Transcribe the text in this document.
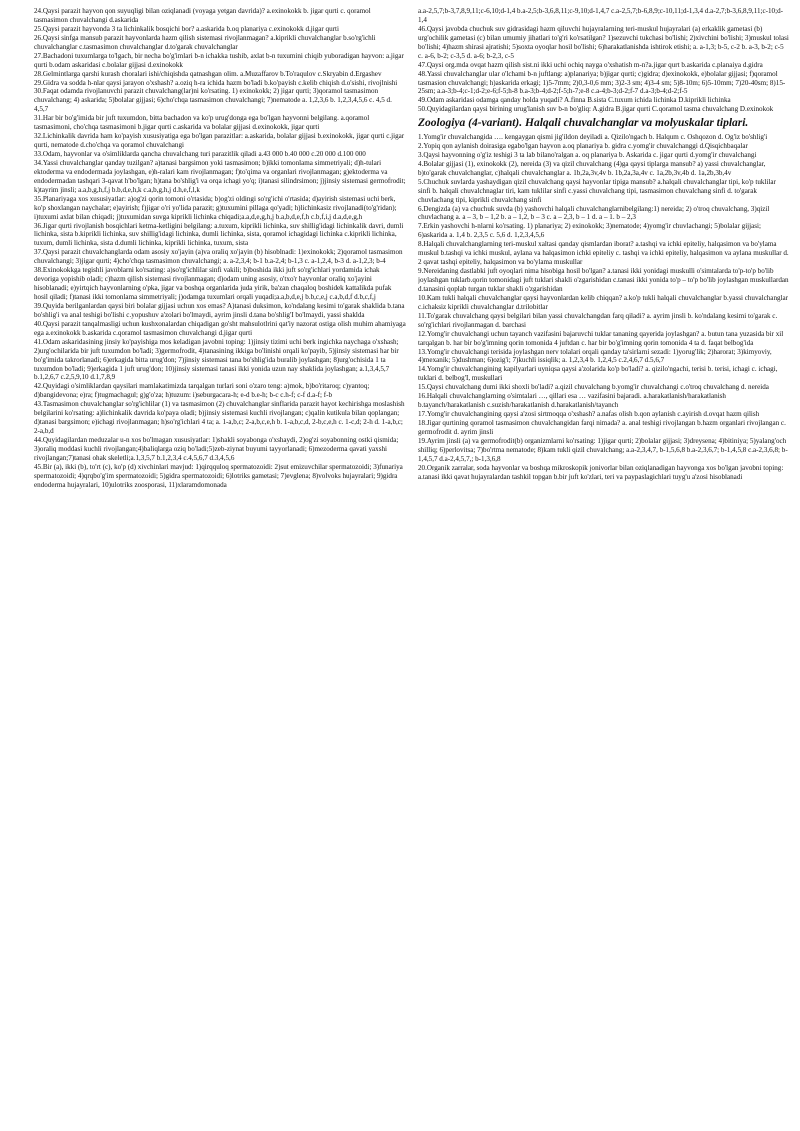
24.Qaysi parazit hayvon qon suyuqligi bilan oziqlanadi (voyaga yetgan davrida)? a.exinokokk b. jigar qurti c. qoramol tasmasimon chuvalchangi d.askarida

25.Qaysi parazit hayvonda 3 ta lichinkalik bosqichi bor? a.askarida b.oq planariya c.exinokokk d.jigar qurti

26.Qaysi sinfga mansub parazit hayvonlarda hazm qilish sistemasi rivojlanmagan? a.kiprikli chuvalchanglar b.so'rg'ichli chuvalchanglar c.tasmasimon chuvalchanglar d.to'garak chuvalchanglar

27.Bachadoni tuxumlarga to'lgach, bir necha bo'g'imlari b-n ichakka tushib, axlat b-n tuxumini chiqib yuboradigan hayvon: a.jigar qurti b.odam askaridasi c.bolalar gijjasi d.exinokokk

28.Gelmintlarga qarshi kurash choralari ishi/chiqishda qatnashgan olim. a.Muzaffarov b.To'raqulov c.Skryabin d.Ergashev

29.Gidra va sodda h-nlar qaysi jarayon o'xshash? a.oziq h-ra ichida hazm bo'ladi b.ko'payish c.kelib chiqish d.o'sishi, rivojlnishi

30.Faqat odamda rivojlanuvchi parazit chuvalchang(lar)ni ko'rsating. 1) exinokokk; 2) jigar qurti; 3)qoramol tasmasimon chuvalchang; 4) askarida; 5)bolalar gijjasi; 6)cho'chqa tasmasimon chuvalchangi; 7)nematode a. 1,2,3,6 b. 1,2,3,4,5,6 c. 4,5 d. 4,5,7

31.Har bir bo'g'imida bir juft tuxumdon, bitta bachadon va ko'p urug'donga ega bo'lgan hayvonni belgilang. a.qoramol tasmasimoni, cho'chqa tasmasimoni b.jigar qurti c.askarida va bolalar gijjasi d.exinokokk, jigar qurti

32.Lichinkalik davrida ham ko'payish xususiyatiga ega bo'lgan parazitlar: a.askarida, bolalar gijjasi b.exinokokk, jigar qurti c.jigar qurti, nematode d.cho'chqa va qoramol chuvalchangi

33.Odam, hayvonlar va o'simliklarda qancha chuvalchang turi parazitlik qiladi a.43 000 b.40 000 c.20 000 d.100 000

34.Yassi chuvalchanglar qanday tuzilgan? a)tanasi bargsimon yoki tasmasimon; b)ikki tomonlama simmetriyali; d)h-tulari ektoderma va endodermada joylashgan, e)h-ralari kam rivojlanmagan; f)to'qima va organlari rivojlanmagan; g)ektoderma va endodermadan tashqari 3-qavat h'bo'lgan; h)tana bo'shlig'i va orqa ichagi yo'q; i)tanasi silindrsimon; j)jinsiy sistemasi germofrodit; k)tayrim jinsli; a.a,b,g,h,f,j b.b,d,e,h,k c.a,b,g,h,j d.h,e,f,l,k

35.Planariyaga xos xususiyatlar: a)og'zi qorin tomoni o'rtasida; b)og'zi oldingi so'rg'ichi o'rtasida; d)ayirish sistemasi uchi berk, ko'p shoxlangan naychalar; e)ayirish; f)jigar o'ri yo'lida parazit; g)tuxumini pillaga qo'yadi; h)lichinkasiz rivojlanadi(to'g'ridan); i)tuxumi axlat bilan chiqadi; j)tuxumidan suvga kiprikli lichinka chiqadi;a.a,d,e,g,h,j b.a,b,d,e,f,h c.b,f,i,j d.a,d,e,g,h

36.Jigar qurti rivojlanish bosqichlari ketma-ketligini belgilang: a.tuxum, kiprikli lichinka, suv shillig'idagi lichinkalik davri, dumli lichinka, sista b.kiprikli lichinka, suv shillig'idagi lichinka, dumli lichinka, sista, qoramol ichagidagi lichinka c.kiprikli lichinka, tuxum, dumli lichinka, sista d.dumli lichinka, kiprikli lichinka, tuxum, sista

37.Qaysi parazit chuvalchanglarda odam asosiy xo'jayin (a)va oraliq xo'jayin (b) hisoblnadi: 1)exinokokk; 2)qoramol tasmasimon chuvalchangi; 3)jigar qurti; 4)cho'chqa tasmasimon chuvalchangi; a. a-2,3,4; b-1 b.a-2,4; b-1,3 c. a-1,2,4, b-3 d. a-1,2,3; b-4

38.Exinokokkga tegishli javoblarni ko'rsating: a)so'rg'ichlilar sinfi vakili; b)boshida ikki juft so'rg'ichlari yordamida ichak devoriga yopishib oladi; c)hazm qilish sistemasi rivojlanmagan; d)odam uning asosiy, o'txo'r hayvonlar oraliq xo'jayini hisoblanadi; e)yirtqich hayvonlarning o'pka, jigar va boshqa organlarida juda yirik, ba'zan chaqaloq boshidek kattalikda pufak hosil qiladi; f)tanasi ikki tomonlama simmetriyali; j)odamga tuxumlari orqali yuqadi;a.a,b,d,e,j b.b,c,e,j c.a,b,d,f d.b,c,f,j

39.Quyida berilganlardan qaysi biri bolalar gijjasi uchun xos emas? A)tanasi duksimon, ko'ndalang kesimi to'garak shaklida b.tana bo'shlig'i va anal teshigi bo'lishi c.yopushuv a'zolari bo'lmaydi, ayrim jinsli d.tana bo'shlig'I bo'lmaydi, yassi shaklda

40.Qaysi parazit tanqalmasligi uchun kushxonalardan chiqadigan go'sht mahsulotlrini qat'iy nazorat ostiga olish muhim ahamiyaga ega a.exinokokk b.askarida c.qoramol tasmasimon chuvalchangi d.jigar qurti

41.Odam askaridasining jinsiy ko'payishiga mos keladigan javobni toping: 1)jinsiy tizimi uchi berk ingichka naychaga o'xshash; 2)urg'ochilarida bir juft tuxumdon bo'ladi; 3)germofrodit, 4)tanasining ikkiga bo'linishi orqali ko'payib, 5)jinsiy sistemasi har bir bo'g'imida takrorlanadi; 6)erkagida bitta urug'don; 7)jinsiy sistemasi tana bo'shlig'ida buralib joylashgan; 8)urg'ochisida 1 ta tuxumdon bo'ladi; 9)erkagida 1 juft urug'don; 10)jinsiy sistemasi tanasi ikki yonida uzun nay shaklida joylashgan; a.1,3,4,5,7 b.1,2,6,7 c.2,5,9,10 d.1,7,8,9

42.Quyidagi o'simliklardan qaysilari mamlakatimizda tarqalgan turlari soni o'zaro teng: a)mok, b)bo'ritaroq; c)yantoq; d)bangidevona; e)ra; f)tugmachagul; g)g'o'za; h)tuzum: i)seburgacarа-h; e-d b.e-h; b-c c.h-f; c-f d.a-f; f-b

43.Tasmasimon chuvalchanglar so'rg'ichlilar (1) va tasmasimon (2) chuvalchanglar sinflarida parazit hayot kechirishga moslashish belgilarini ko'rsating: a)lichinkalik davrida ko'paya oladi; b)jinsiy sistemasi kuchli rivojlangan; c)qalin kutikula bilan qoplangan; d)tanasi bargsimon; e)ichagi rivojlanmagan; h)so'rg'ichlari 4 ta; a. 1-a,b,c; 2-a,b,c,e,h b. 1-a,b,c,d, 2-b,c,e,h c. 1-c,d; 2-h d. 1-a,b,c; 2-a,b,d

44.Quyidagilardan meduzalar u-n xos bo'lmagan xususiyatlar: 1)shakli soyabonga o'xshaydi, 2)og'zi soyabonning ostki qismida; 3)oraliq moddasi kuchli rivojlangan;4)baliqlarga oziq bo'ladi;5)zeb-ziynat buyumi tayyorlanadi; 6)mezoderma qavati yaxshi rivojlangan;7)tanasi ohak skeletli;a.1,3,5,7 b.1,2,3,4 c.4,5,6,7 d.3,4,5,6

45.Bir (a), ikki (b), to'rt (c), ko'p (d) xivchinlari mavjud: 1)qirqquloq spermatozoidi: 2)sut emizuvchilar spermatozoidi; 3)funariya spermatozoidi; 4)qrqbo'g'im spermatozoidi; 5)gidra spermatozoidi; 6)lotriks gametasi; 7)evglena; 8)volvoks hujayralari; 9)gidra endoderma hujayralari, 10)ulotriks zoosporasi, 11)xlaramdomonada

a.a-2,5,7;b-3,7,8,9,11;c-6,10;d-1,4 b.a-2,5;b-3,6,8,11;c-9,10;d-1,4,7 c.a-2,5,7;b-6,8,9;c-10,11;d-1,3,4 d.a-2,7;b-3,6,8,9,11;c-10;d-1,4

46.Qaysi javobda chuchuk suv gidrasidagi hazm qiluvchi hujayralarning teri-muskul hujayralari (a) erkaklik gametasi (b) urg'ochilik gametasi (c) bilan umumiy jihatlari to'g'ri ko'rsatilgan? 1)sezuvchi tukchasi bo'lishi; 2)xivchini bo'lishi; 3)muskul tolasi bo'lishi; 4)hazm shirasi ajratishi; 5)soxta oyoqlar hosil bo'lishi; 6)harakatlanishda ishtirok etishi; a. a-1,3; b-5, c-2 b. a-3, b-2; c-5 c. a-6, b-2; c-3,5 d. a-6; b-2,3, c-5

47.Qaysi org.mda ovqat hazm qilish sist.ni ikki uchi ochiq nayga o'xshatish m-n?a.jigar qurt b.askarida c.planaiya d.gidra

48.Yassi chuvalchanglar ular o'lchami b-n juftlang: a)planariya; b)jigar qurti; c)gidra; d)exinokokk, e)bolalar gijjasi; f)qoramol tasmasion chuvalchangi; h)askarida erkagi; 1)5-7mm; 2)0,3-0,6 mm; 3)2-3 sm; 4)3-4 sm; 5)8-10m; 6)5-10mm; 7)20-40sm; 8)15-25sm; a.a-3;b-4;c-1;d-2;e-6;f-5;h-8 b.a-3;b-4;d-2;f-5;h-7;e-8 c.a-4;b-3;d-2;f-7 d.a-3;b-4;d-2;f-5

49.Odam askaridasi odamga qanday holda yuqadi? A.finna B.sista C.tuxum ichida lichinka D.kiprikli lichinka

50.Quyidagilardan qaysi birining urug'lanish suv b-n bo'gliq: A.gidra B.jigar qurti C.qoramol tasma chuvalchang D.exinokok

Zoologiya (4-variant). Halqali chuvalchanglar va molyuskalar tiplari.

1.Yomg'ir chuvalchangida …. kengaygan qismi jig'ildon deyiladi a. Qizilo'ngach b. Halqum c. Oshqozon d. Og'iz bo'shlig'i

2.Yopiq qon aylanish doirasiga egabo'lgan hayvon a.oq planariya b. gidra c.yomg'ir chuvalchanggi d.Qisqichbaqalar

3.Qaysi hayvonning o'g'iz teshigi 3 ta lab bilano'ralgan a. oq planariya b. Askarida c. jigar qurti d.yomg'ir chuvalchangi

4.Bolalar gijjasi (1), exinokokk (2), nereida (3) va qizil chuvalchang (4)ga qaysi tiplarga mansub? a) yassi chuvalchanglar, b)to'garak chuvalchanglar, c)halqali chuvalchanglar a. 1b,2a,3v,4v b. 1b,2a,3a,4v c. 1a,2b,3v,4b d. 1a,2b,3b,4v

5.Chuchuk suvlarda yashaydigan qizil chuvalchang qaysi hayvonlar tipiga mansub? a.halqali chuvalchanglar tipi, ko'p tuklilar sinfi b. halqali chuvalchnaglar tiri, kam tuklilar sinfi c.yassi chuvalchang tipi, tasmasimon chuvalchang sinfi d. to'garak chuvlachang tipi, kiprikli chuvalchang sinfi

6.Dengizda (a) va chuchuk suvda (b) yashovchi halqali chuvalchanglarnibelgilang:1) nereida; 2) o'troq chuvalchang, 3)qizil chuvlachang a. a – 3, b – 1,2 b. a – 1,2, b – 3 c. a – 2,3, b – 1 d. a – 1. b – 2,3

7.Erkin yashovchi h-nlarni ko'rsating. 1) planariya; 2) exinokokk; 3)nematode; 4)yomg'ir chuvlachangi; 5)bolalar gijjasi; 6)askarida a. 1,4 b. 2,3,5 c. 5,6 d. 1,2,3,4,5,6

8.Halqali chuvalchanglarning teri-muskul xaltasi qanday qismlardan iborat? a.tashqi va ichki epiteliy, halqasimon va bo'ylama muskul b.tashqi va ichki muskul, aylana va halqasimon ichki epiteliy c. tashqi va ichki epiteliy, halqasimon va aylana muskullar d. 2 qavat tashqi epiteliy, halqasimon va bo'ylama muskullar

9.Nereidaning dastlabki juft oyoqlari nima hisobiga hosil bo'lgan? a.tanasi ikki yonidagi muskulli o'simtalarda to'p-to'p bo'lib joylashgan tuklarb.qorin tomonidagi juft tuklari shakli o'zgarishidan c.tanasi ikki yonida to'p – to'p bo'lib joylashgan muskullardan d.tanasini qoplab turgan tuklar shakli o'zgarishidan

10.Kam tukli halqali chuvalchanglar qaysi hayvonlardan kelib chiqqan? a.ko'p tukli halqali chuvalchanglar b.yassi chuvalchanglar c.ichaksiz kiprikli chuvalchanglar d.trilobitlar

11.To'garak chuvalchang qaysi belgilari bilan yassi chuvalchangdan farq qiladi? a. ayrim jinsli b. ko'ndalang kesimi to'garak c. so'rg'ichlari rivojlanmagan d. barchasi

12.Yomg'ir chuvalchangi uchun tayanch vazifasini bajaruvchi tuklar tananing qayerida joylashgan? a. butun tana yuzasida bir xil tarqalgan b. har bir bo'g'imning qorin tomonida 4 juftdan c. har bir bo'g'imning qorin tomonida 4 ta d. faqat belbog'ida

13.Yomg'ir chuvalchangi terisida joylashgan nerv tolalari orqali qanday ta'sirlarni sezadi: 1)yorug'lik; 2)harorat; 3)kimyoviy, 4)mexanik; 5)dushman; 6)ozig'i; 7)kuchli issiqlik; a. 1,2,3,4 b. 1,2,4,5 c.2,4,6,7 d.5,6,7

14.Yomg'ir chuvalchangining kapilyarlari uyniqsa qaysi a'zolarida ko'p bo'ladi? a. qizilo'ngachi, terisi b. terisi, ichagi c. ichagi, tuklari d. belbog'I, muskullari

15.Qaysi chuvalchang dumi ikki shoxli bo'ladi? a.qizil chuvalchang b.yomg'ir chuvalchangi c.o'troq chuvalchang d. nereida

16.Halqali chuvalchanglarning o'simtalari …, qillari esa … vazifasini bajaradi. a.harakatlanish/harakatlanish b.tayanch/harakatlanish c.suzish/harakatlanish d.harakatlanish/tayanch

17.Yomg'ir chuvalchangining qaysi a'zosi sirtmoqqa o'xshash? a.nafas olish b.qon aylanish c.ayirish d.ovqat hazm qilish

18.Jigar qurtining qoramol tasmasimon chuvalchangidan farqi nimada? a. anal teshigi rivojlangan b.hazm organlari rivojlangan c. germofrodit d. ayrim jinsli

19.Ayrim jinsli (a) va germofrodit(b) organizmlarni ko'rsating: 1)jigar qurti; 2)bolalar gijjasi; 3)dreysena; 4)bitiniya; 5)yalang'och shilliq; 6)perlovitsa; 7)bo'rtma nematode; 8)kam tukli qizil chuvalchang; a.a-2,3,4,7, b-1,5,6,8 b.a-2,3,6,7; b-1,4,5,8 c.a-2,3,6,8; b-1,4,5,7 d.a-2,4,5,7,; b-1,3,6,8

20.Organik zarralar, soda hayvonlar va boshqa mikroskopik jonivorlar bilan oziqlanadigan hayvonga xos bo'lgan javobni toping: a.tanasi ikki qavat hujayralardan tashkil topgan b.bir juft ko'zlari, teri va paypaslagichlari tuyg'u a'zosi hisoblanadi
